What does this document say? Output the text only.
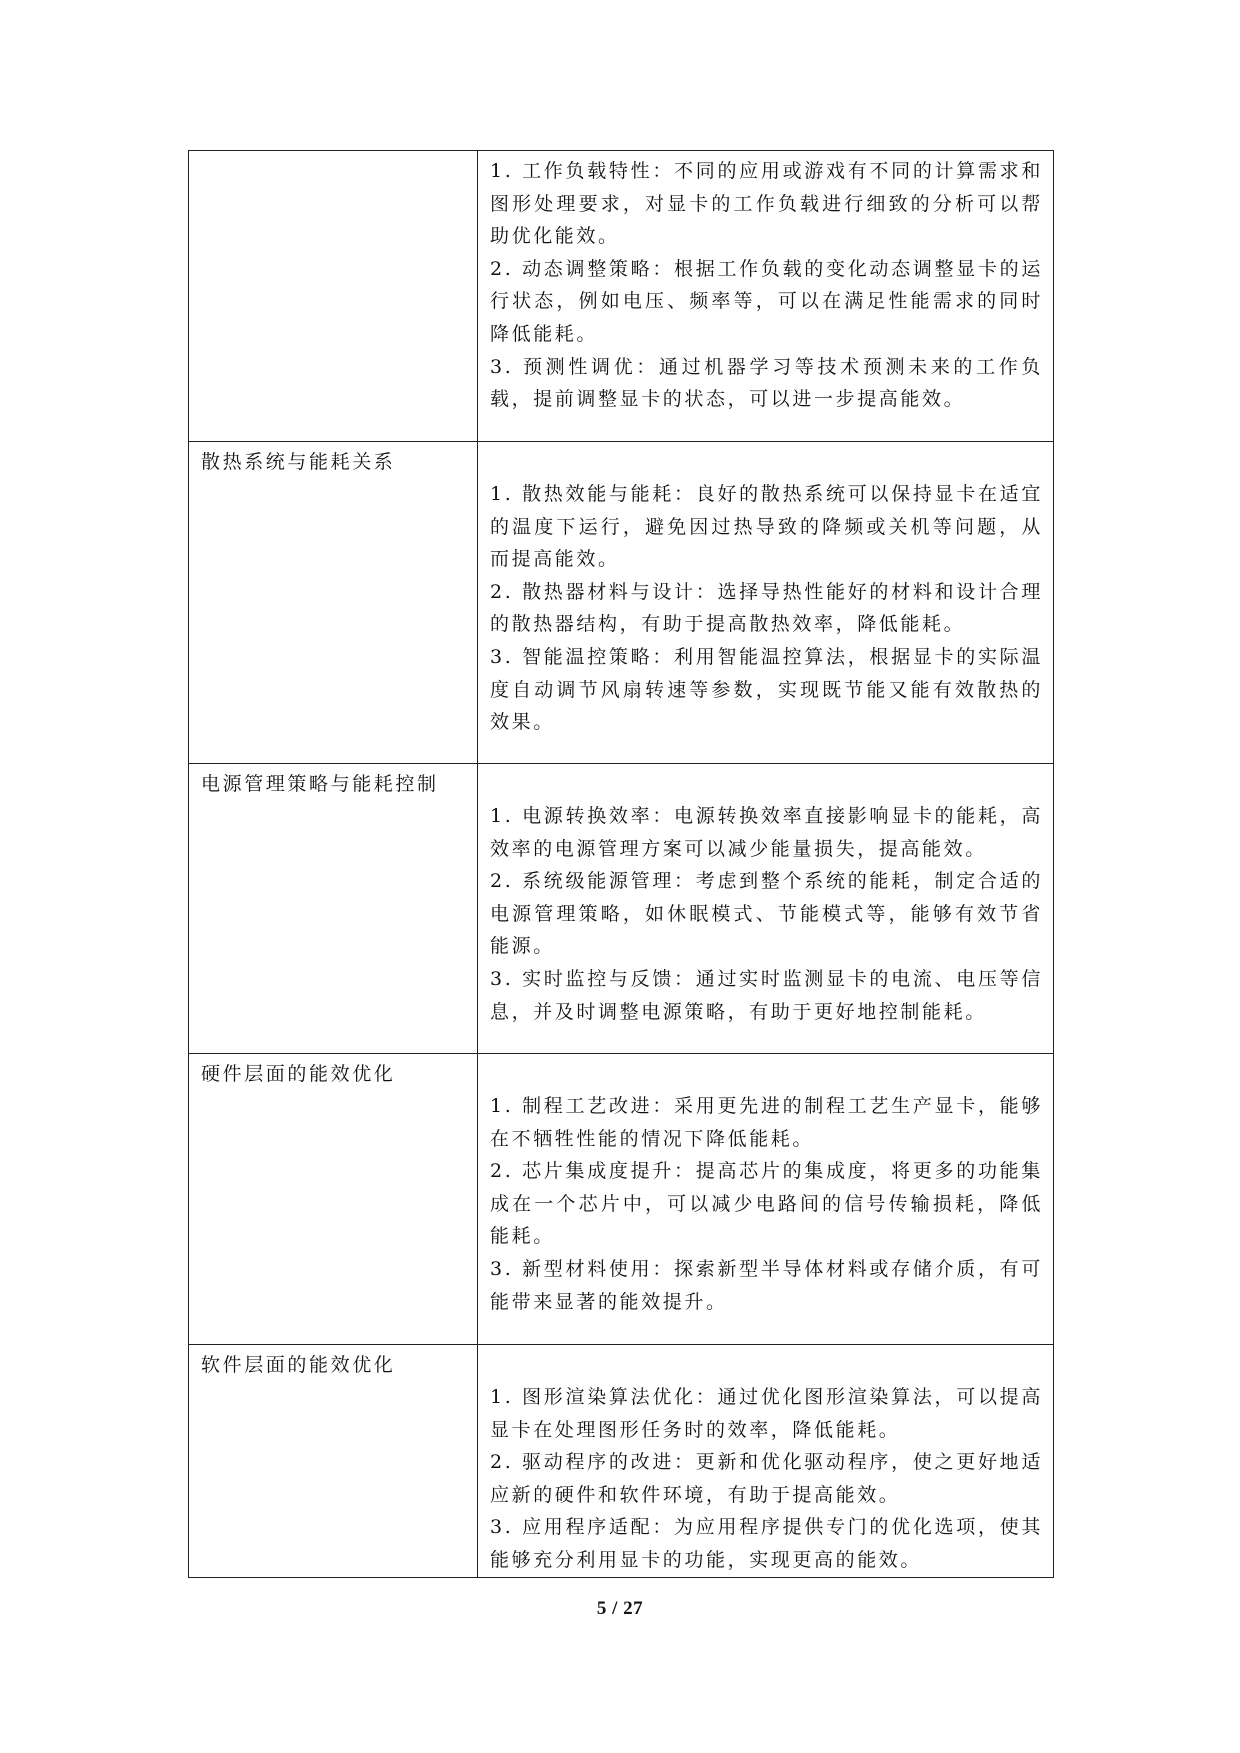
	1. 工作负载特性：不同的应用或游戏有不同的计算需求和图形处理要求，对显卡的工作负载进行细致的分析可以帮助优化能效。
2. 动态调整策略：根据工作负载的变化动态调整显卡的运行状态，例如电压、频率等，可以在满足性能需求的同时降低能耗。
3. 预测性调优：通过机器学习等技术预测未来的工作负载，提前调整显卡的状态，可以进一步提高能效。

散热系统与能耗关系	1. 散热效能与能耗：良好的散热系统可以保持显卡在适宜的温度下运行，避免因过热导致的降频或关机等问题，从而提高能效。
2. 散热器材料与设计：选择导热性能好的材料和设计合理的散热器结构，有助于提高散热效率，降低能耗。
3. 智能温控策略：利用智能温控算法，根据显卡的实际温度自动调节风扇转速等参数，实现既节能又能有效散热的效果。

电源管理策略与能耗控制	1. 电源转换效率：电源转换效率直接影响显卡的能耗，高效率的电源管理方案可以减少能量损失，提高能效。
2. 系统级能源管理：考虑到整个系统的能耗，制定合适的电源管理策略，如休眠模式、节能模式等，能够有效节省能源。
3. 实时监控与反馈：通过实时监测显卡的电流、电压等信息，并及时调整电源策略，有助于更好地控制能耗。

硬件层面的能效优化	1. 制程工艺改进：采用更先进的制程工艺生产显卡，能够在不牺牲性能的情况下降低能耗。
2. 芯片集成度提升：提高芯片的集成度，将更多的功能集成在一个芯片中，可以减少电路间的信号传输损耗，降低能耗。
3. 新型材料使用：探索新型半导体材料或存储介质，有可能带来显著的能效提升。

软件层面的能效优化	1. 图形渲染算法优化：通过优化图形渲染算法，可以提高显卡在处理图形任务时的效率，降低能耗。
2. 驱动程序的改进：更新和优化驱动程序，使之更好地适应新的硬件和软件环境，有助于提高能效。
3. 应用程序适配：为应用程序提供专门的优化选项，使其能够充分利用显卡的功能，实现更高的能效。
5 / 27
